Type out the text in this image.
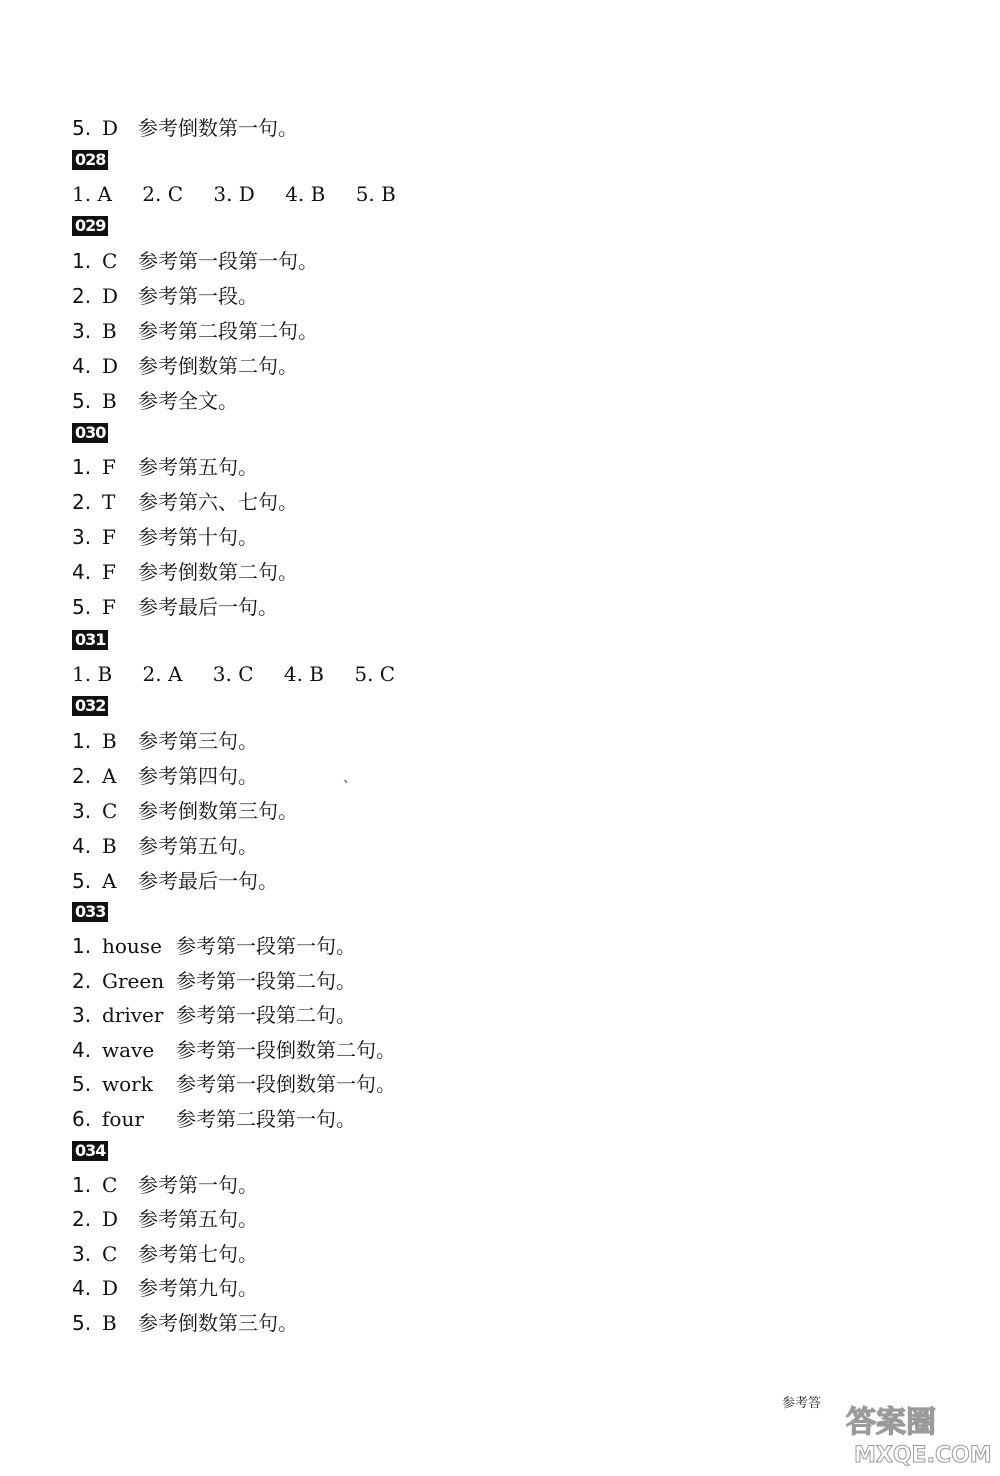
5. D 参考倒数第一句。
028
1. A 2. C 3. D 4. B 5. B
029
1. C 参考第一段第一句。
2. D 参考第一段。
3. B 参考第二段第二句。
4. D 参考倒数第二句。
5. B 参考全文。
030
1. F 参考第五句。
2. T 参考第六、七句。
3. F 参考第十句。
4. F 参考倒数第二句。
5. F 参考最后一句。
031
1. B 2. A 3. C 4. B 5. C
032
1. B 参考第三句。
2. A 参考第四句。	、
3. C 参考倒数第三句。
4. B 参考第五句。
5. A 参考最后一句。
033
1. house 参考第一段第一句。
2. Green 参考第一段第二句。
3. driver 参考第一段第二句。
4. wave 参考第一段倒数第二句。
5. work 参考第一段倒数第一句。
6. four 参考第二段第一句。
034
1. C 参考第一句。
2. D 参考第五句。
3. C 参考第七句。
4. D 参考第九句。
5. B 参考倒数第三句。
参考答
答案圈
MXQE.COM
